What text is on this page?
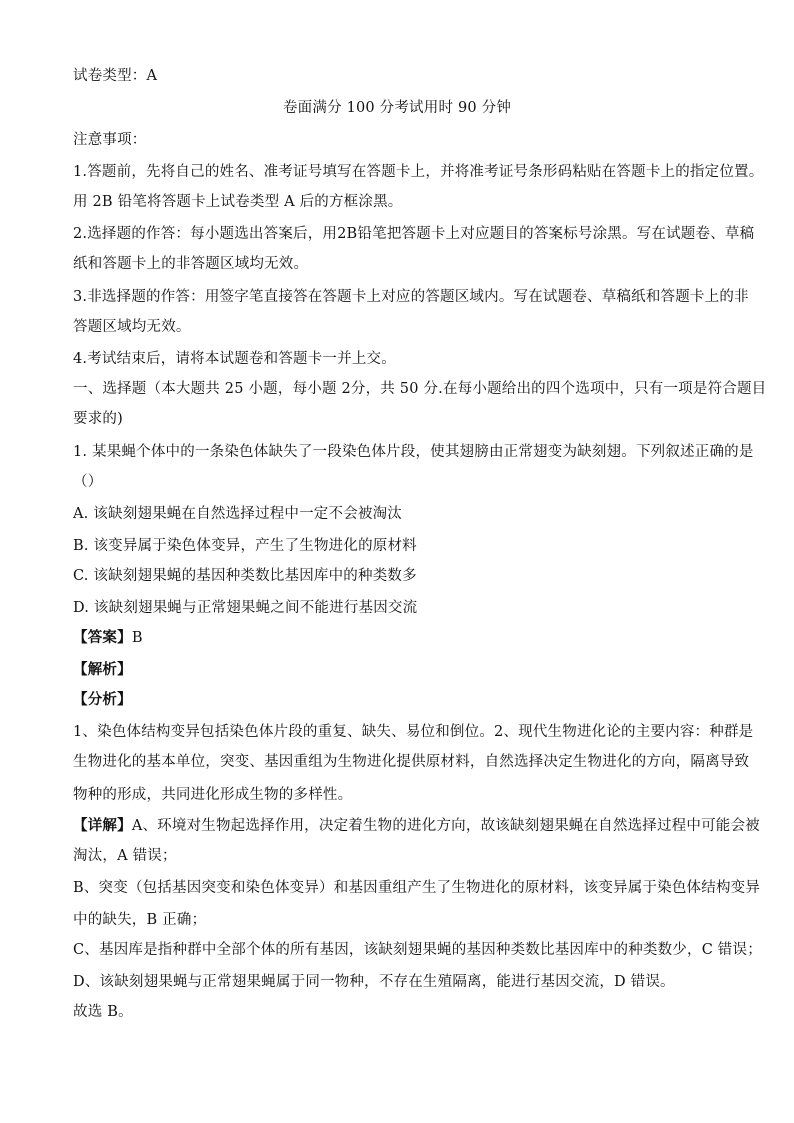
试卷类型：A
卷面满分 100 分考试用时 90 分钟
注意事项：
1.答题前，先将自己的姓名、准考证号填写在答题卡上，并将准考证号条形码粘贴在答题卡上的指定位置。
用 2B 铅笔将答题卡上试卷类型 A 后的方框涂黑。
2.选择题的作答：每小题选出答案后，用2B铅笔把答题卡上对应题目的答案标号涂黑。写在试题卷、草稿
纸和答题卡上的非答题区域均无效。
3.非选择题的作答：用签字笔直接答在答题卡上对应的答题区域内。写在试题卷、草稿纸和答题卡上的非
答题区域均无效。
4.考试结束后，请将本试题卷和答题卡一并上交。
一、选择题（本大题共 25 小题，每小题 2分，共 50 分.在每小题给出的四个选项中，只有一项是符合题目
要求的)
1. 某果蝇个体中的一条染色体缺失了一段染色体片段，使其翅膀由正常翅变为缺刻翅。下列叙述正确的是
（）
A. 该缺刻翅果蝇在自然选择过程中一定不会被淘汰
B. 该变异属于染色体变异，产生了生物进化的原材料
C. 该缺刻翅果蝇的基因种类数比基因库中的种类数多
D. 该缺刻翅果蝇与正常翅果蝇之间不能进行基因交流
【答案】B
【解析】
【分析】
1、染色体结构变异包括染色体片段的重复、缺失、易位和倒位。2、现代生物进化论的主要内容：种群是
生物进化的基本单位，突变、基因重组为生物进化提供原材料，自然选择决定生物进化的方向，隔离导致
物种的形成，共同进化形成生物的多样性。
【详解】A、环境对生物起选择作用，决定着生物的进化方向，故该缺刻翅果蝇在自然选择过程中可能会被
淘汰，A 错误；
B、突变（包括基因突变和染色体变异）和基因重组产生了生物进化的原材料，该变异属于染色体结构变异
中的缺失，B 正确；
C、基因库是指种群中全部个体的所有基因，该缺刻翅果蝇的基因种类数比基因库中的种类数少，C 错误；
D、该缺刻翅果蝇与正常翅果蝇属于同一物种，不存在生殖隔离，能进行基因交流，D 错误。
故选 B。
